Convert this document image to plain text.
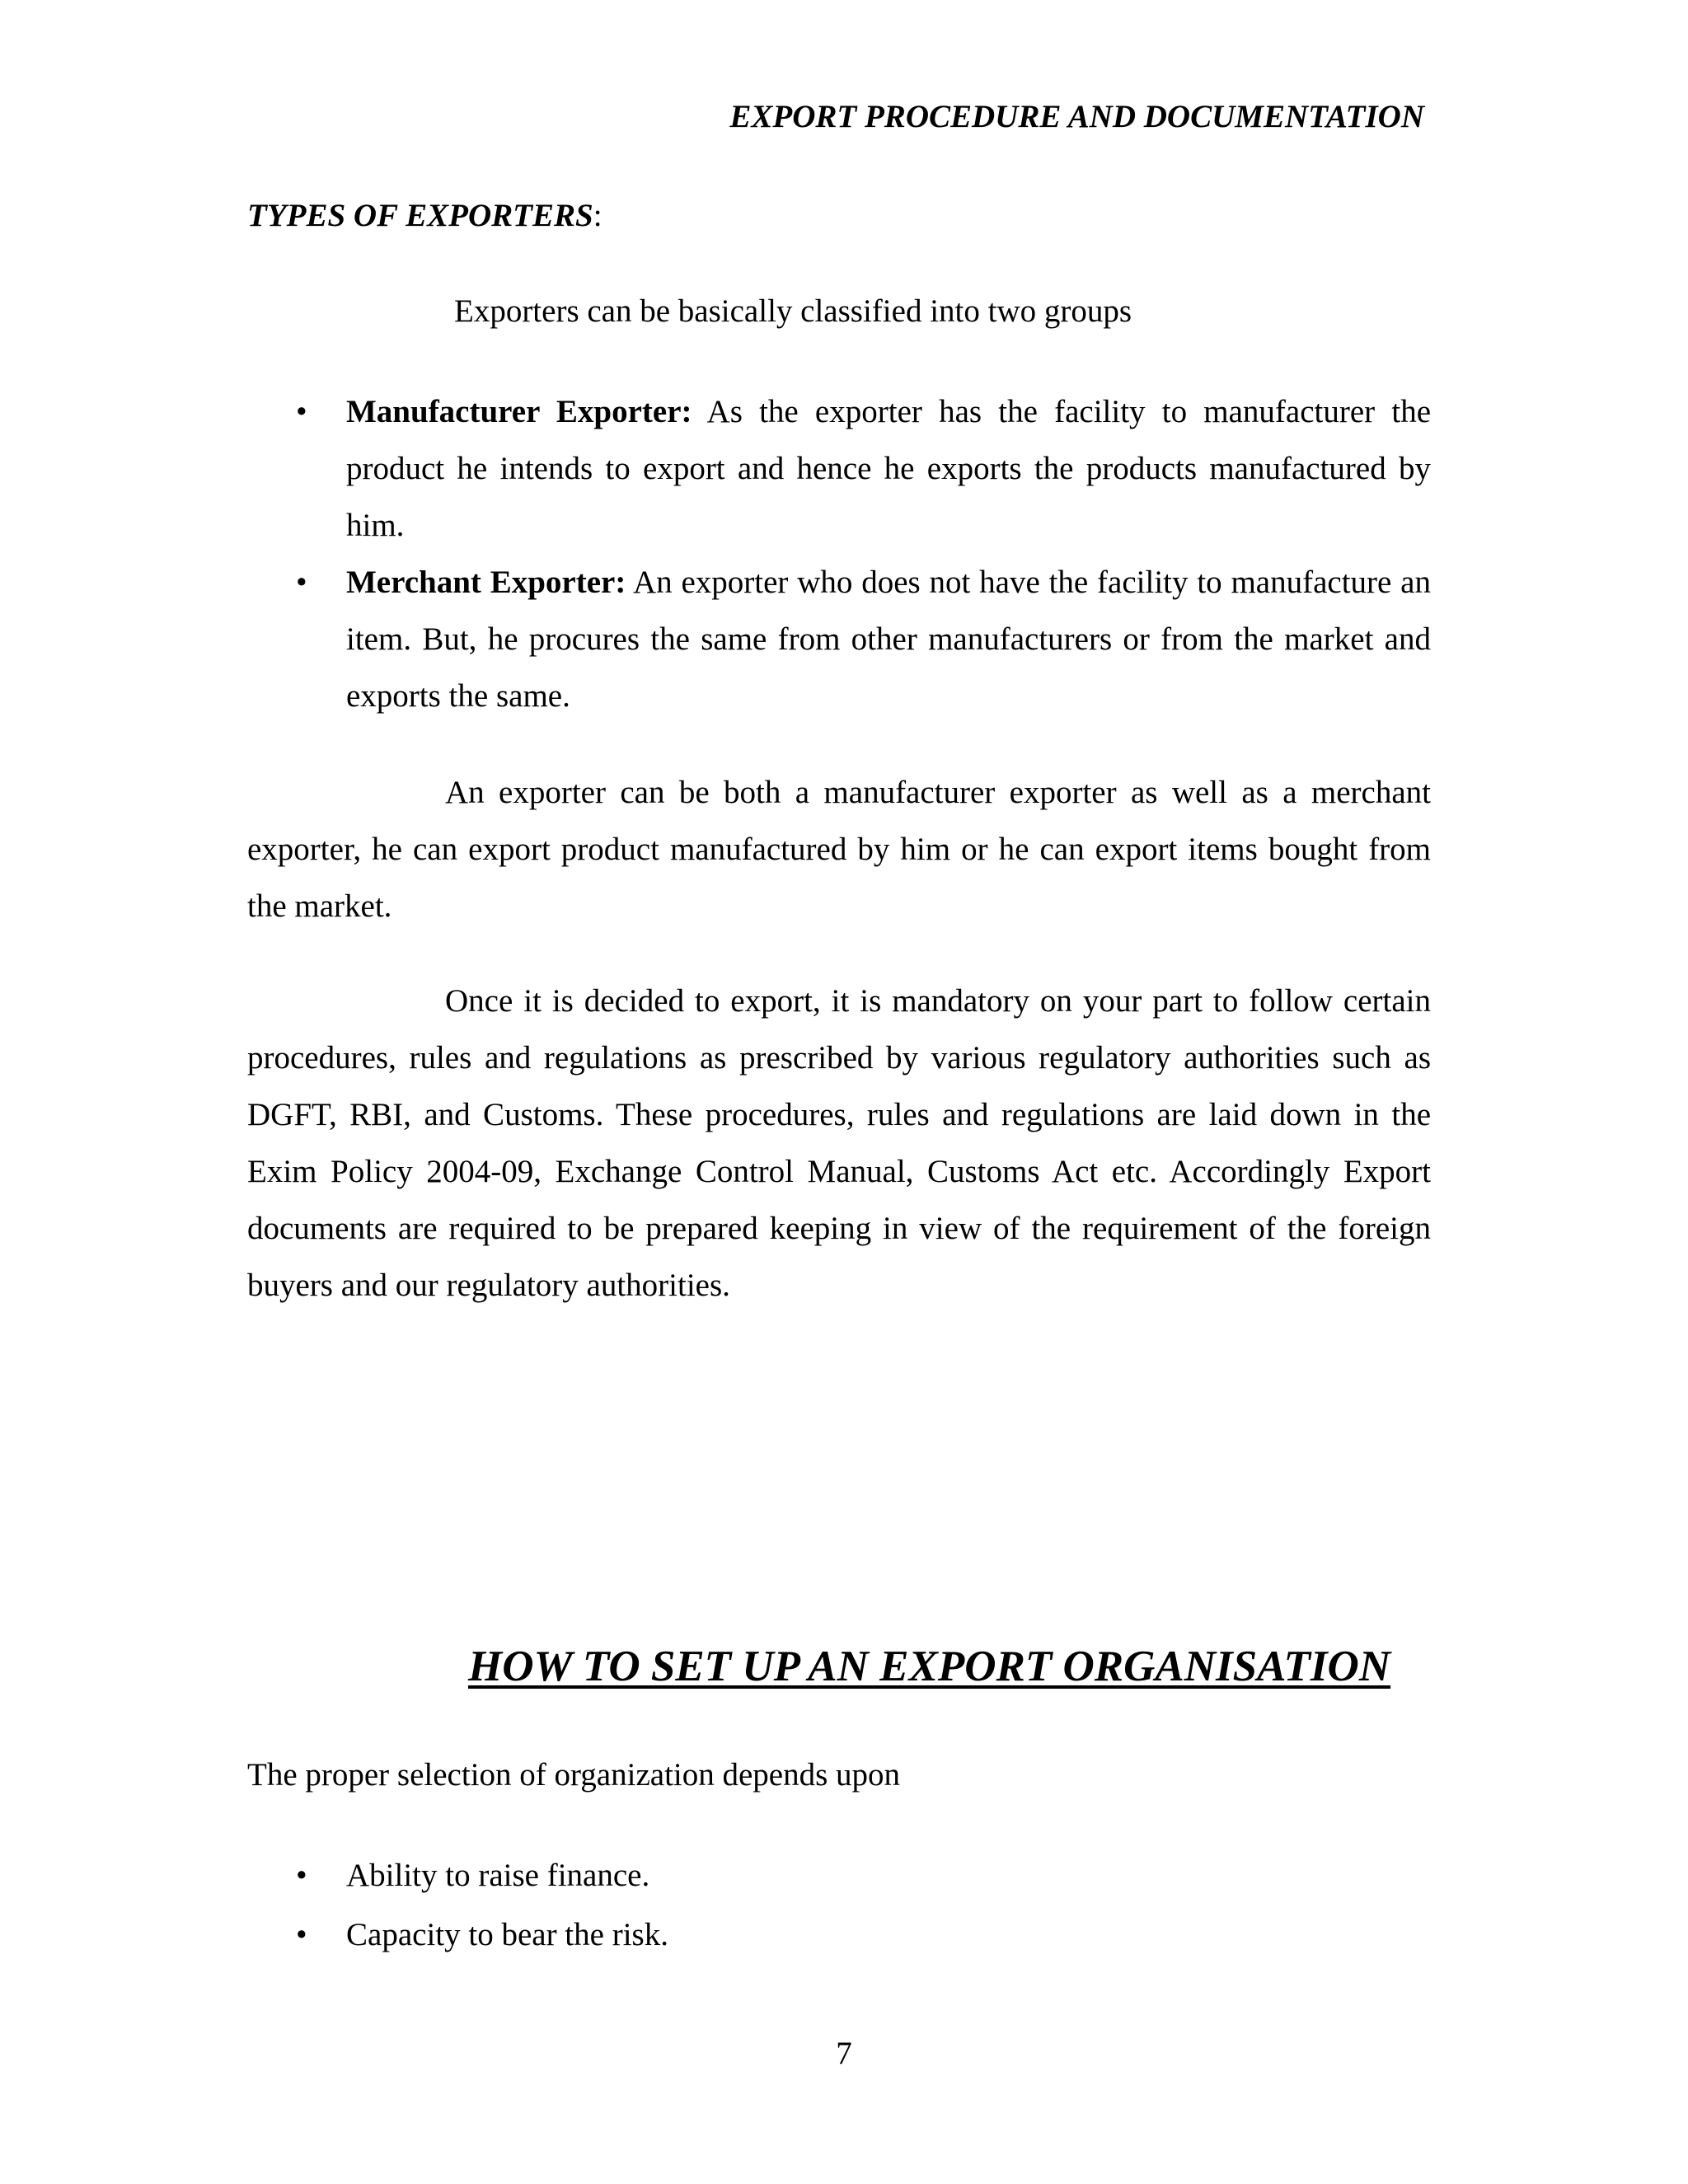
EXPORT PROCEDURE AND DOCUMENTATION
TYPES OF EXPORTERS:
Exporters can be basically classified into two groups
• Manufacturer Exporter: As the exporter has the facility to manufacturer the product he intends to export and hence he exports the products manufactured by him.
• Merchant Exporter: An exporter who does not have the facility to manufacture an item. But, he procures the same from other manufacturers or from the market and exports the same.

An exporter can be both a manufacturer exporter as well as a merchant exporter, he can export product manufactured by him or he can export items bought from the market.

Once it is decided to export, it is mandatory on your part to follow certain procedures, rules and regulations as prescribed by various regulatory authorities such as DGFT, RBI, and Customs. These procedures, rules and regulations are laid down in the Exim Policy 2004-09, Exchange Control Manual, Customs Act etc. Accordingly Export documents are required to be prepared keeping in view of the requirement of the foreign buyers and our regulatory authorities.

HOW TO SET UP AN EXPORT ORGANISATION
The proper selection of organization depends upon
• Ability to raise finance.
• Capacity to bear the risk.
7
